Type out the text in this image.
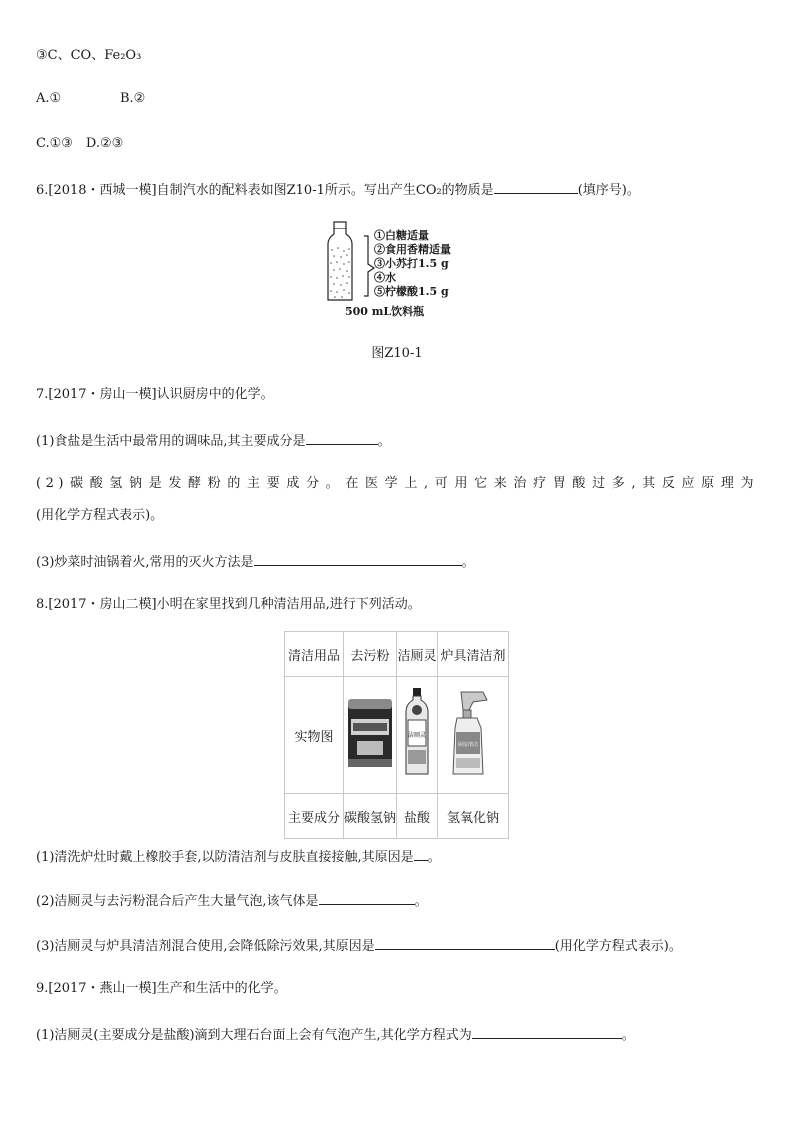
③C、CO、Fe₂O₃
A.①	B.②
C.①③　D.②③
6.[2018・西城一模]自制汽水的配料表如图Z10-1所示。写出产生CO₂的物质是	(填序号)。
①白糖适量
②食用香精适量
③小苏打1.5 g
④水
⑤柠檬酸1.5 g
500 mL饮料瓶
图Z10-1
7.[2017・房山一模]认识厨房中的化学。
(1)食盐是生活中最常用的调味品,其主要成分是	。
(2)碳酸氢钠是发酵粉的主要成分。在医学上,可用它来治疗胃酸过多,其反应原理为
(用化学方程式表示)。
(3)炒菜时油锅着火,常用的灭火方法是	。
8.[2017・房山二模]小明在家里找到几种清洁用品,进行下列活动。
清洁用品	去污粉	洁厕灵	炉具清洁剂
实物图		洁厕灵	厨房清洁

主要成分	碳酸氢钠	盐酸	氢氧化钠
(1)清洗炉灶时戴上橡胶手套,以防清洁剂与皮肤直接接触,其原因是 。
(2)洁厕灵与去污粉混合后产生大量气泡,该气体是	。
(3)洁厕灵与炉具清洁剂混合使用,会降低除污效果,其原因是	(用化学方程式表示)。
9.[2017・燕山一模]生产和生活中的化学。
(1)洁厕灵(主要成分是盐酸)滴到大理石台面上会有气泡产生,其化学方程式为	。
